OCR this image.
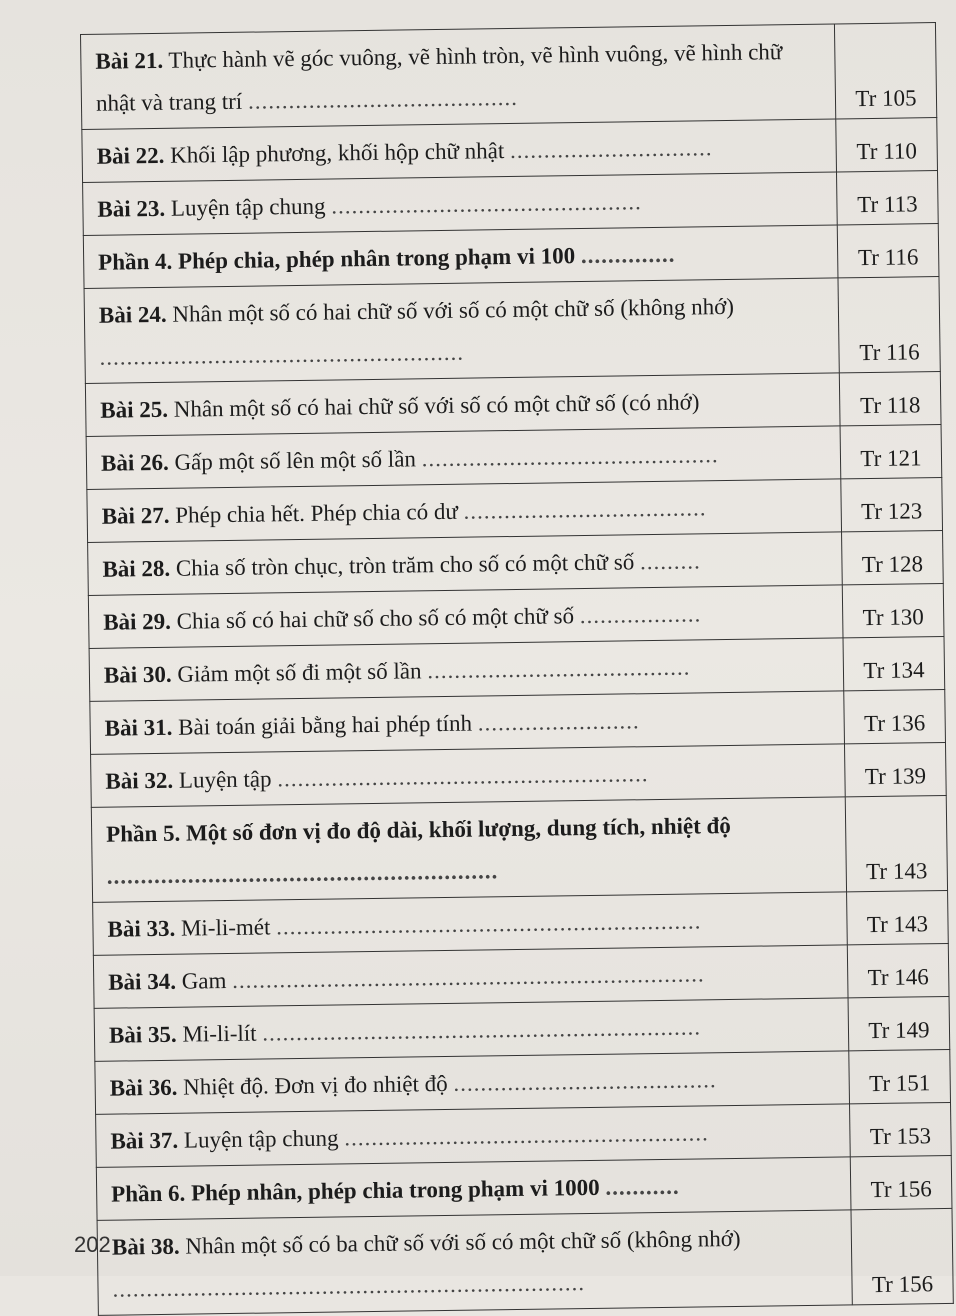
Bài 21. Thực hành vẽ góc vuông, vẽ hình tròn, vẽ hình vuông, vẽ hình chữ nhật và trang trí ........................................	Tr 105
Bài 22. Khối lập phương, khối hộp chữ nhật ..............................	Tr 110
Bài 23. Luyện tập chung ..............................................	Tr 113
Phần 4. Phép chia, phép nhân trong phạm vi 100 ..............	Tr 116
Bài 24. Nhân một số có hai chữ số với số có một chữ số (không nhớ) ......................................................	Tr 116
Bài 25. Nhân một số có hai chữ số với số có một chữ số (có nhớ)	Tr 118
Bài 26. Gấp một số lên một số lần ............................................	Tr 121
Bài 27. Phép chia hết. Phép chia có dư ....................................	Tr 123
Bài 28. Chia số tròn chục, tròn trăm cho số có một chữ số .........	Tr 128
Bài 29. Chia số có hai chữ số cho số có một chữ số ..................	Tr 130
Bài 30. Giảm một số đi một số lần .......................................	Tr 134
Bài 31. Bài toán giải bằng hai phép tính ........................	Tr 136
Bài 32. Luyện tập .......................................................	Tr 139
Phần 5. Một số đơn vị đo độ dài, khối lượng, dung tích, nhiệt độ ..........................................................	Tr 143
Bài 33. Mi-li-mét ...............................................................	Tr 143
Bài 34. Gam ......................................................................	Tr 146
Bài 35. Mi-li-lít .................................................................	Tr 149
Bài 36. Nhiệt độ. Đơn vị đo nhiệt độ .......................................	Tr 151
Bài 37. Luyện tập chung ......................................................	Tr 153
Phần 6. Phép nhân, phép chia trong phạm vi 1000 ...........	Tr 156
Bài 38. Nhân một số có ba chữ số với số có một chữ số (không nhớ) ......................................................................	Tr 156
202
